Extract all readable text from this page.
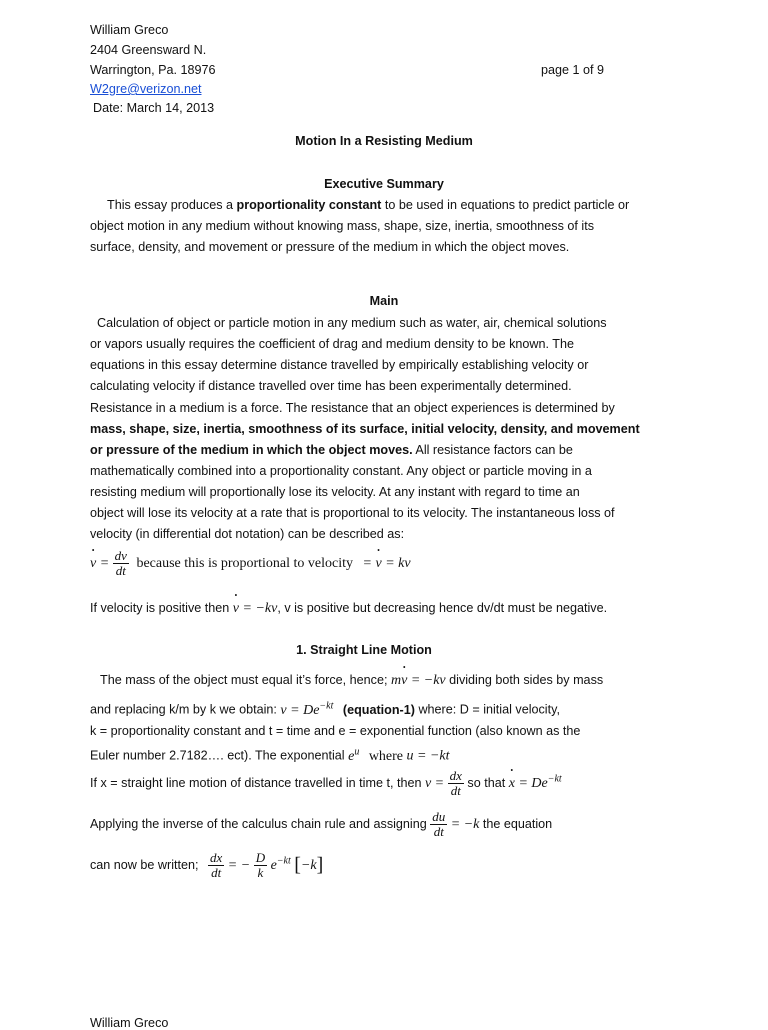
William Greco
2404 Greensward N.
Warrington, Pa. 18976	page 1 of 9
W2gre@verizon.net
Date: March 14, 2013
Motion In a Resisting Medium
Executive Summary
This essay produces a proportionality constant to be used in equations to predict particle or
object motion in any medium without knowing mass, shape, size, inertia, smoothness of its
surface, density, and movement or pressure of the medium in which the object moves.
Main
Calculation of object or particle motion in any medium such as water, air, chemical solutions
or vapors usually requires the coefficient of drag and medium density to be known. The
equations in this essay determine distance travelled by empirically establishing velocity or
calculating velocity if distance travelled over time has been experimentally determined.
Resistance in a medium is a force. The resistance that an object experiences is determined by
mass, shape, size, inertia, smoothness of its surface, initial velocity, density, and movement
or pressure of the medium in which the object moves. All resistance factors can be
mathematically combined into a proportionality constant. Any object or particle moving in a
resisting medium will proportionally lose its velocity. At any instant with regard to time an
object will lose its velocity at a rate that is proportional to its velocity. The instantaneous loss of
velocity (in differential dot notation) can be described as:
• $v = \frac{dv}{dt}$ because this is proportional to velocity = • v = kv
If velocity is positive then • v = −kv, v is positive but decreasing hence dv/dt must be negative.
1. Straight Line Motion
The mass of the object must equal it’s force, hence; m• v = −kv dividing both sides by mass
and replacing k/m by k we obtain: $v = De^{-kt}$ (equation-1) where: D = initial velocity,
k = proportionality constant and t = time and e = exponential function (also known as the
Euler number 2.7182…. ect). The exponential $e^u$ where u = −kt
If x = straight line motion of distance travelled in time t, then $v = \frac{dx}{dt}$ so that • $x = De^{-kt}$
Applying the inverse of the calculus chain rule and assigning $\frac{du}{dt} = -k$ the equation
can now be written; $\frac{dx}{dt}$ = − $\frac{D}{k} e^{-kt}$ [−k]
William Greco
